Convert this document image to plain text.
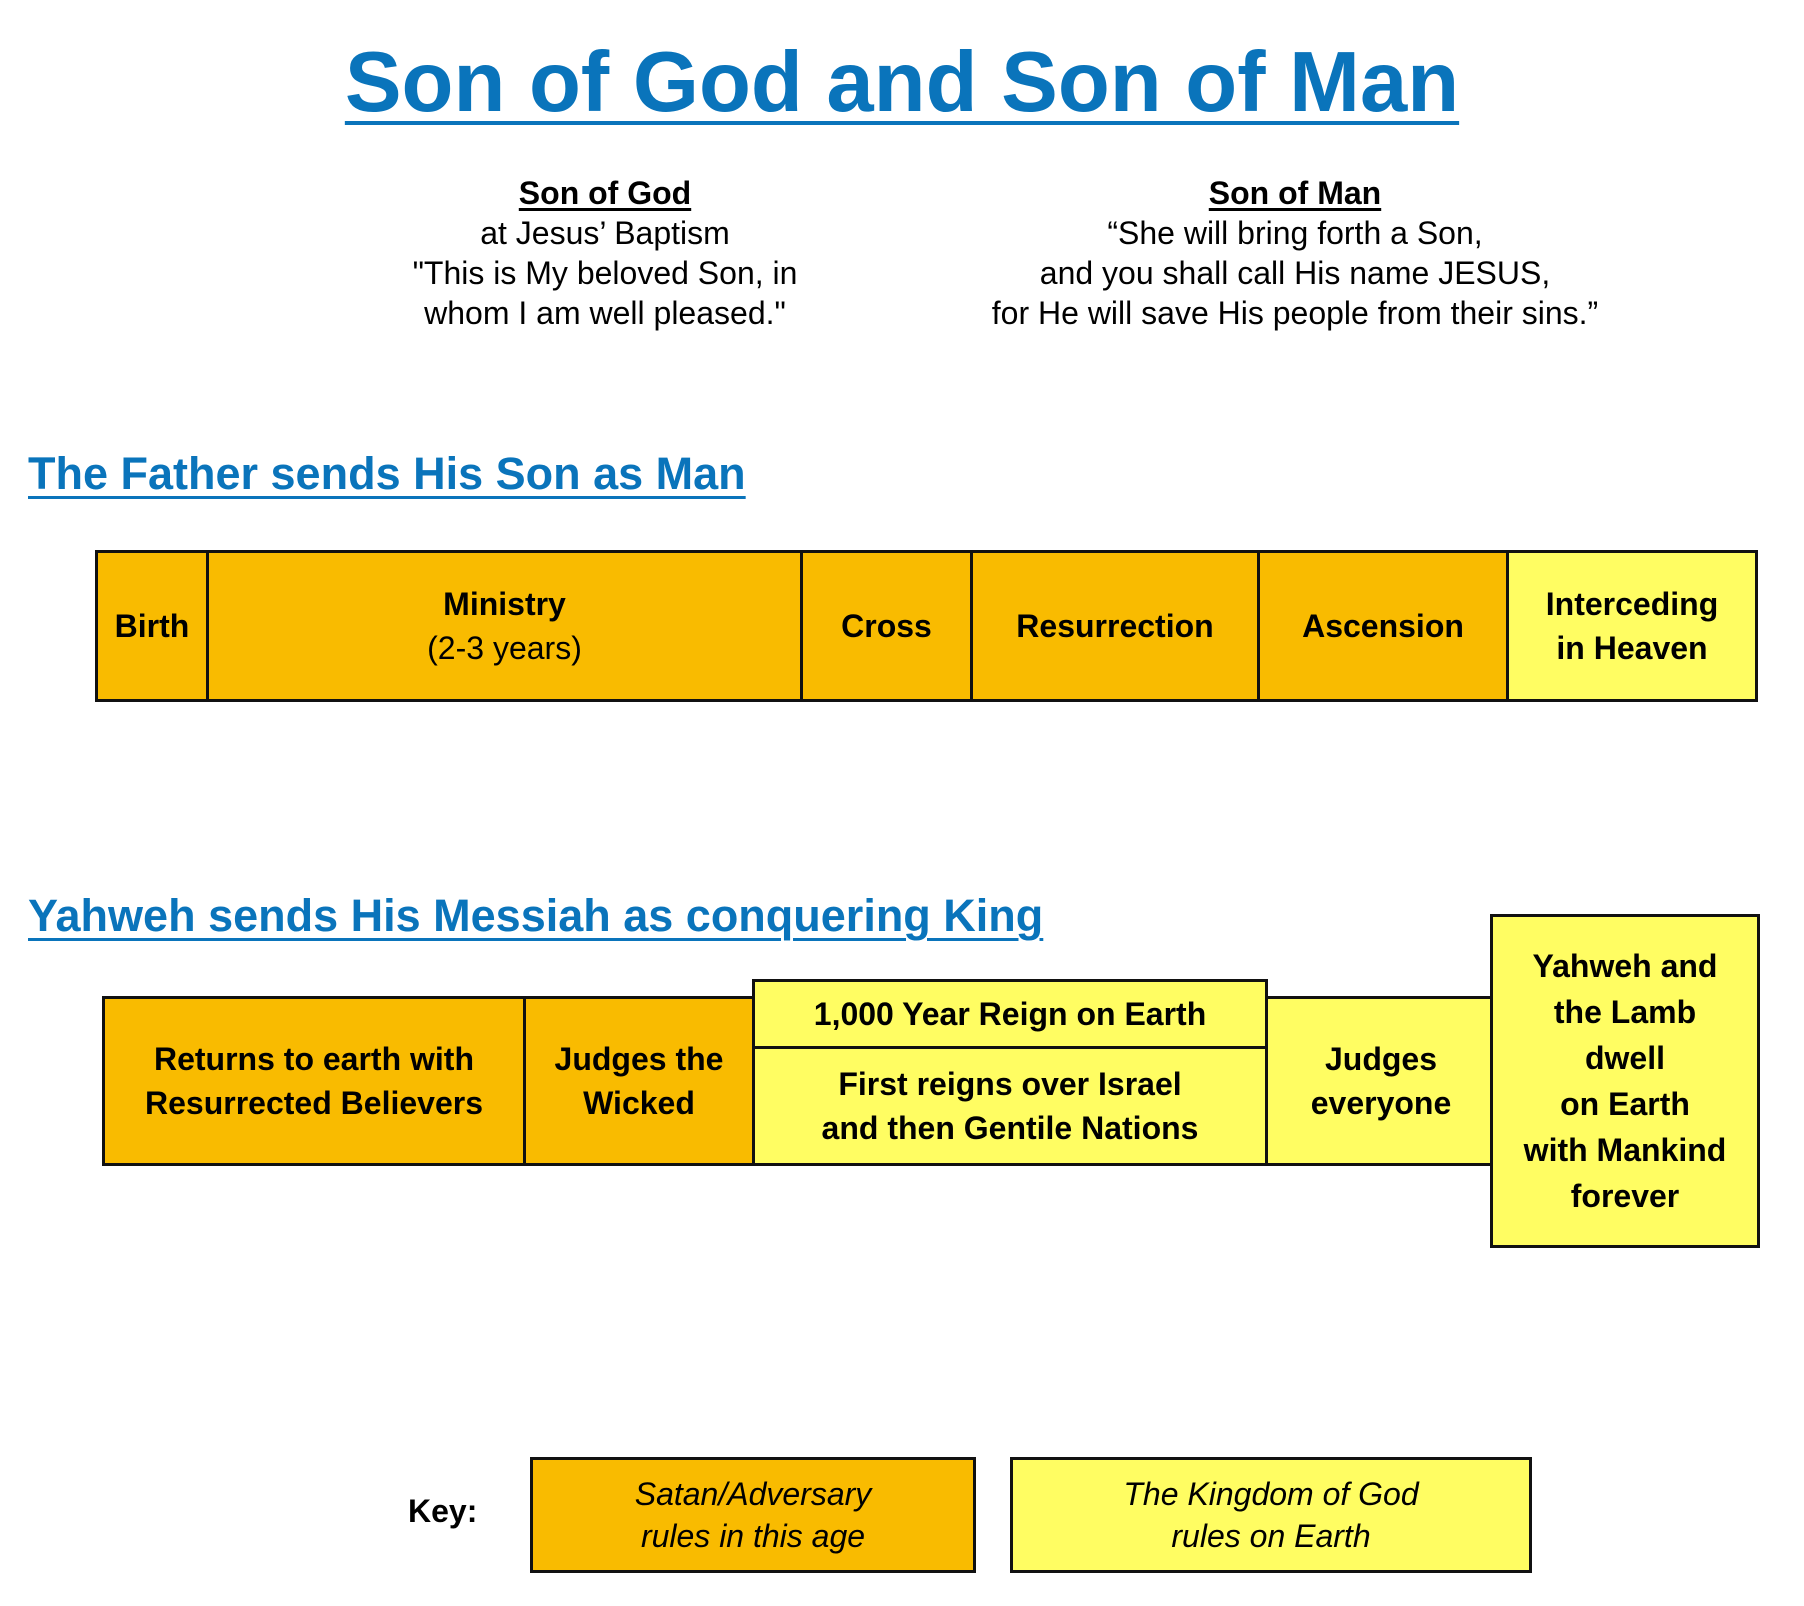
Son of God and Son of Man
Son of God
at Jesus’ Baptism
"This is My beloved Son, in
whom I am well pleased."
Son of Man
“She will bring forth a Son,
and you shall call His name JESUS,
for He will save His people from their sins.”
The Father sends His Son as Man
Birth
Ministry
(2-3 years)
Cross	Resurrection	Ascension
Interceding
in Heaven
Yahweh sends His Messiah as conquering King
Returns to earth with
Resurrected Believers
Judges the
Wicked
1,000 Year Reign on Earth
First reigns over Israel
and then Gentile Nations
Judges
everyone
Yahweh and
the Lamb
dwell
on Earth
with Mankind
forever
Key:	Satan/Adversary
rules in this age
The Kingdom of God
rules on Earth
